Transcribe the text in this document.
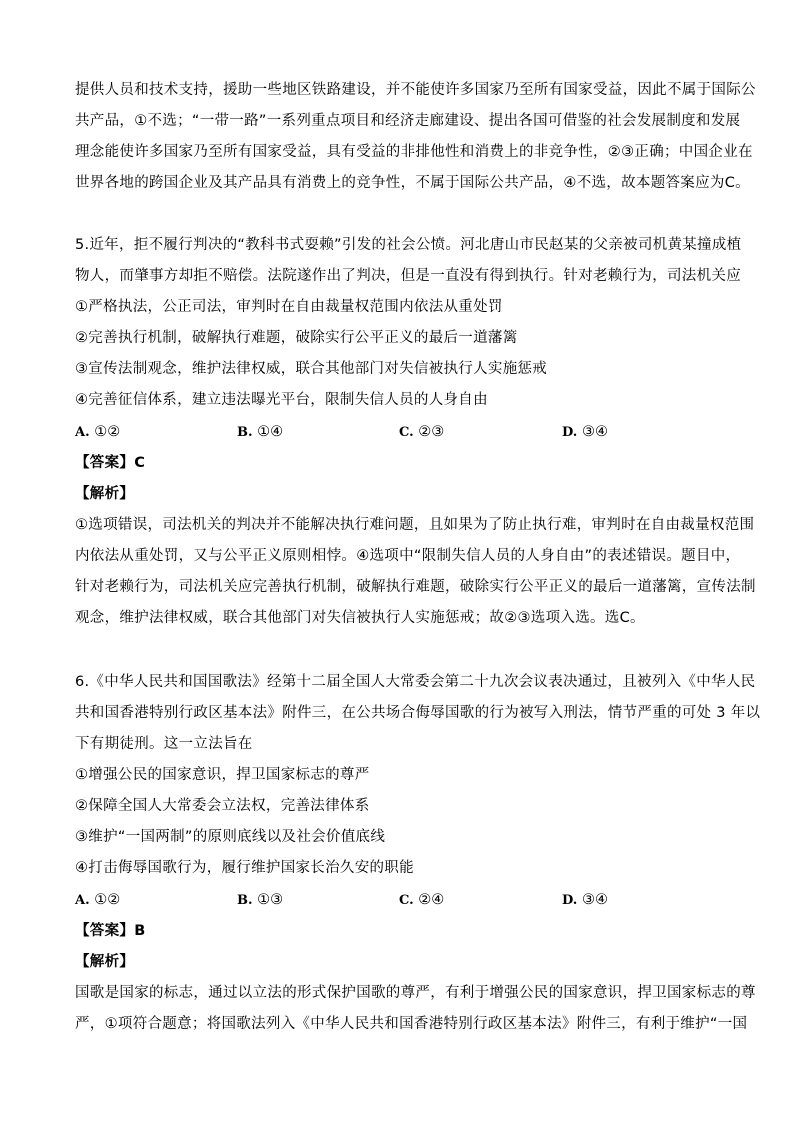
提供人员和技术支持，援助一些地区铁路建设，并不能使许多国家乃至所有国家受益，因此不属于国际公
共产品，①不选；“一带一路”一系列重点项目和经济走廊建设、提出各国可借鉴的社会发展制度和发展
理念能使许多国家乃至所有国家受益，具有受益的非排他性和消费上的非竞争性，②③正确；中国企业在
世界各地的跨国企业及其产品具有消费上的竞争性，不属于国际公共产品，④不选，故本题答案应为C。
5.近年，拒不履行判决的“教科书式耍赖”引发的社会公愤。河北唐山市民赵某的父亲被司机黄某撞成植
物人，而肇事方却拒不赔偿。法院遂作出了判决，但是一直没有得到执行。针对老赖行为，司法机关应
①严格执法，公正司法，审判时在自由裁量权范围内依法从重处罚
②完善执行机制，破解执行难题，破除实行公平正义的最后一道藩篱
③宣传法制观念，维护法律权威，联合其他部门对失信被执行人实施惩戒
④完善征信体系，建立违法曝光平台，限制失信人员的人身自由
A. ①②	B. ①④	C. ②③	D. ③④
【答案】C
【解析】
①选项错误，司法机关的判决并不能解决执行难问题，且如果为了防止执行难，审判时在自由裁量权范围
内依法从重处罚，又与公平正义原则相悖。④选项中“限制失信人员的人身自由”的表述错误。题目中，
针对老赖行为，司法机关应完善执行机制，破解执行难题，破除实行公平正义的最后一道藩篱，宣传法制
观念，维护法律权威，联合其他部门对失信被执行人实施惩戒；故②③选项入选。选C。
6.《中华人民共和国国歌法》经第十二届全国人大常委会第二十九次会议表决通过，且被列入《中华人民
共和国香港特别行政区基本法》附件三，在公共场合侮辱国歌的行为被写入刑法，情节严重的可处 3 年以
下有期徒刑。这一立法旨在
①增强公民的国家意识，捍卫国家标志的尊严
②保障全国人大常委会立法权，完善法律体系
③维护“一国两制”的原则底线以及社会价值底线
④打击侮辱国歌行为，履行维护国家长治久安的职能
A. ①②	B. ①③	C. ②④	D. ③④
【答案】B
【解析】
国歌是国家的标志，通过以立法的形式保护国歌的尊严，有利于增强公民的国家意识，捍卫国家标志的尊
严，①项符合题意；将国歌法列入《中华人民共和国香港特别行政区基本法》附件三，有利于维护“一国
